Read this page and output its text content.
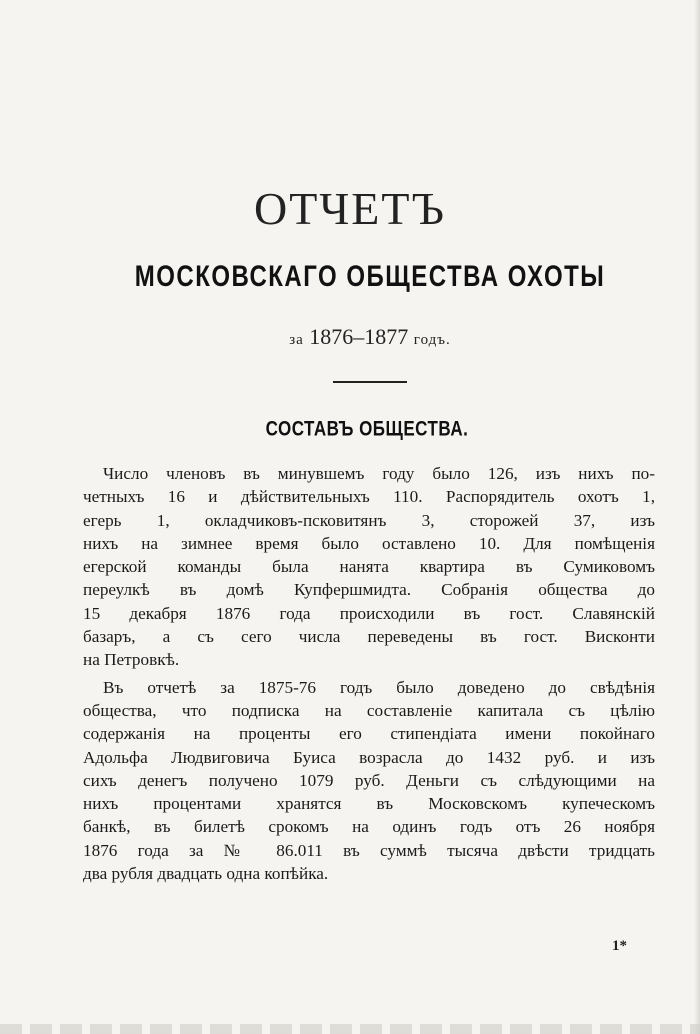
ОТЧЕТЪ
МОСКОВСКАГО ОБЩЕСТВА ОХОТЫ
за 1876–1877 годъ.
СОСТАВЪ ОБЩЕСТВА.
Число членовъ въ минувшемъ году было 126, изъ нихъ по-
четныхъ 16 и дѣйствительныхъ 110. Распорядитель охотъ 1,
егерь 1, окладчиковъ-псковитянъ 3, сторожей 37, изъ
нихъ на зимнее время было оставлено 10. Для помѣщенія
егерской команды была нанята квартира въ Сумиковомъ
переулкѣ въ домѣ Купфершмидта. Собранія общества до
15 декабря 1876 года происходили въ гост. Славянскій
базаръ, а съ сего числа переведены въ гост. Висконти
на Петровкѣ.
Въ отчетѣ за 1875-76 годъ было доведено до свѣдѣнія
общества, что подписка на составленіе капитала съ цѣлію
содержанія на проценты его стипендіата имени покойнаго
Адольфа Людвиговича Буиса возрасла до 1432 руб. и изъ
сихъ денегъ получено 1079 руб. Деньги съ слѣдующими на
нихъ процентами хранятся въ Московскомъ купеческомъ
банкѣ, въ билетѣ срокомъ на одинъ годъ отъ 26 ноября
1876 года за № 86.011 въ суммѣ тысяча двѣсти тридцать
два рубля двадцать одна копѣйка.
1*
